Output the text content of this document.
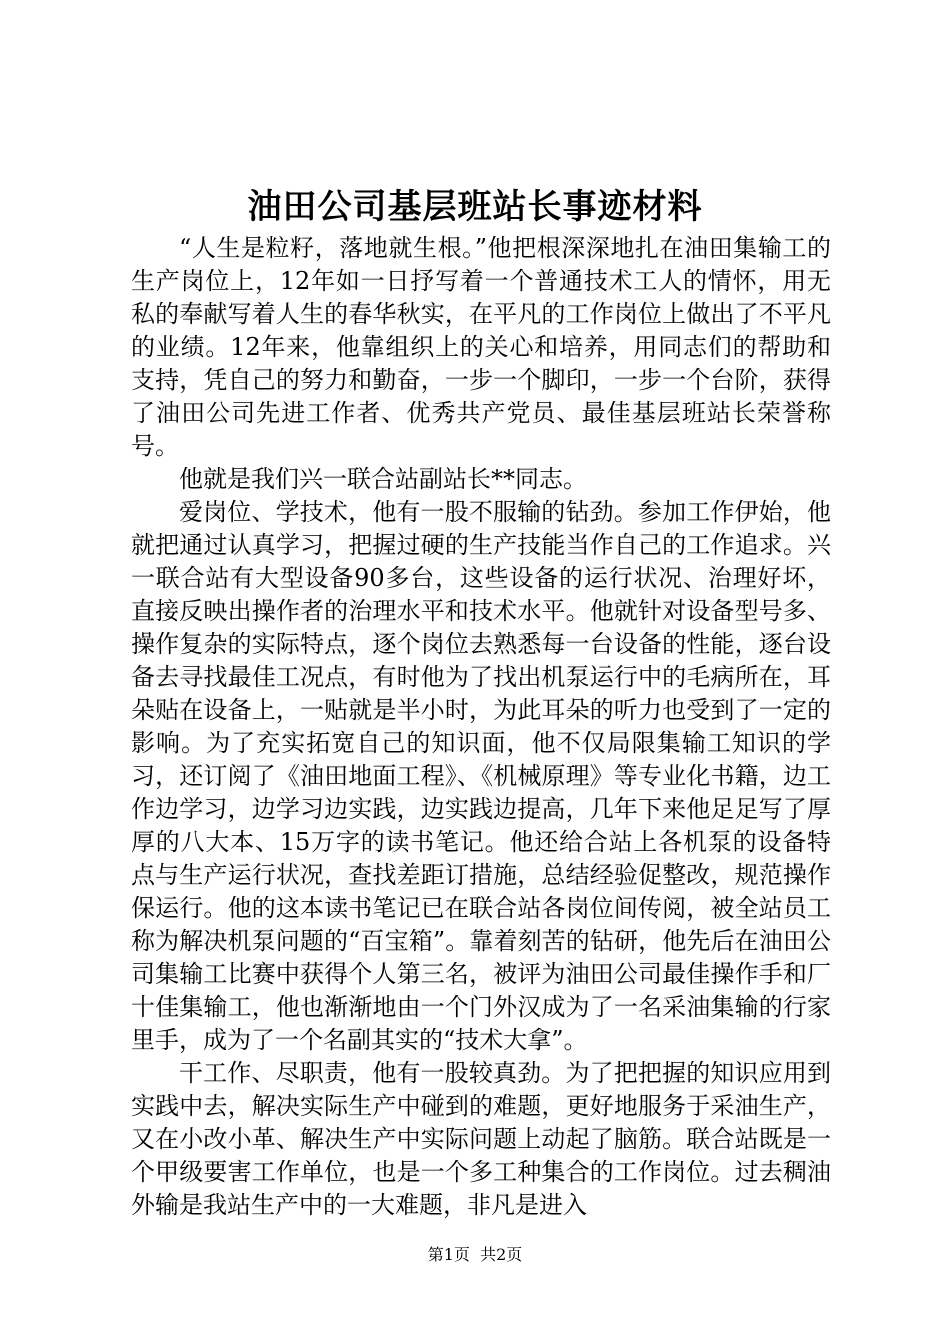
油田公司基层班站长事迹材料

“人生是粒籽，落地就生根。”他把根深深地扎在油田集输工的生产岗位上，12年如一日抒写着一个普通技术工人的情怀，用无私的奉献写着人生的春华秋实，在平凡的工作岗位上做出了不平凡的业绩。12年来，他靠组织上的关心和培养，用同志们的帮助和支持，凭自己的努力和勤奋，一步一个脚印，一步一个台阶，获得了油田公司先进工作者、优秀共产党员、最佳基层班站长荣誉称号。

他就是我们兴一联合站副站长**同志。

爱岗位、学技术，他有一股不服输的钻劲。参加工作伊始，他就把通过认真学习，把握过硬的生产技能当作自己的工作追求。兴一联合站有大型设备90多台，这些设备的运行状况、治理好坏，直接反映出操作者的治理水平和技术水平。他就针对设备型号多、操作复杂的实际特点，逐个岗位去熟悉每一台设备的性能，逐台设备去寻找最佳工况点，有时他为了找出机泵运行中的毛病所在，耳朵贴在设备上，一贴就是半小时，为此耳朵的听力也受到了一定的影响。为了充实拓宽自己的知识面，他不仅局限集输工知识的学习，还订阅了《油田地面工程》、《机械原理》等专业化书籍，边工作边学习，边学习边实践，边实践边提高，几年下来他足足写了厚厚的八大本、15万字的读书笔记。他还给合站上各机泵的设备特点与生产运行状况，查找差距订措施，总结经验促整改，规范操作保运行。他的这本读书笔记已在联合站各岗位间传阅，被全站员工称为解决机泵问题的“百宝箱”。靠着刻苦的钻研，他先后在油田公司集输工比赛中获得个人第三名，被评为油田公司最佳操作手和厂十佳集输工，他也渐渐地由一个门外汉成为了一名采油集输的行家里手，成为了一个名副其实的“技术大拿”。

干工作、尽职责，他有一股较真劲。为了把把握的知识应用到实践中去，解决实际生产中碰到的难题，更好地服务于采油生产，又在小改小革、解决生产中实际问题上动起了脑筋。联合站既是一个甲级要害工作单位，也是一个多工种集合的工作岗位。过去稠油外输是我站生产中的一大难题，非凡是进入

第1页 共2页
